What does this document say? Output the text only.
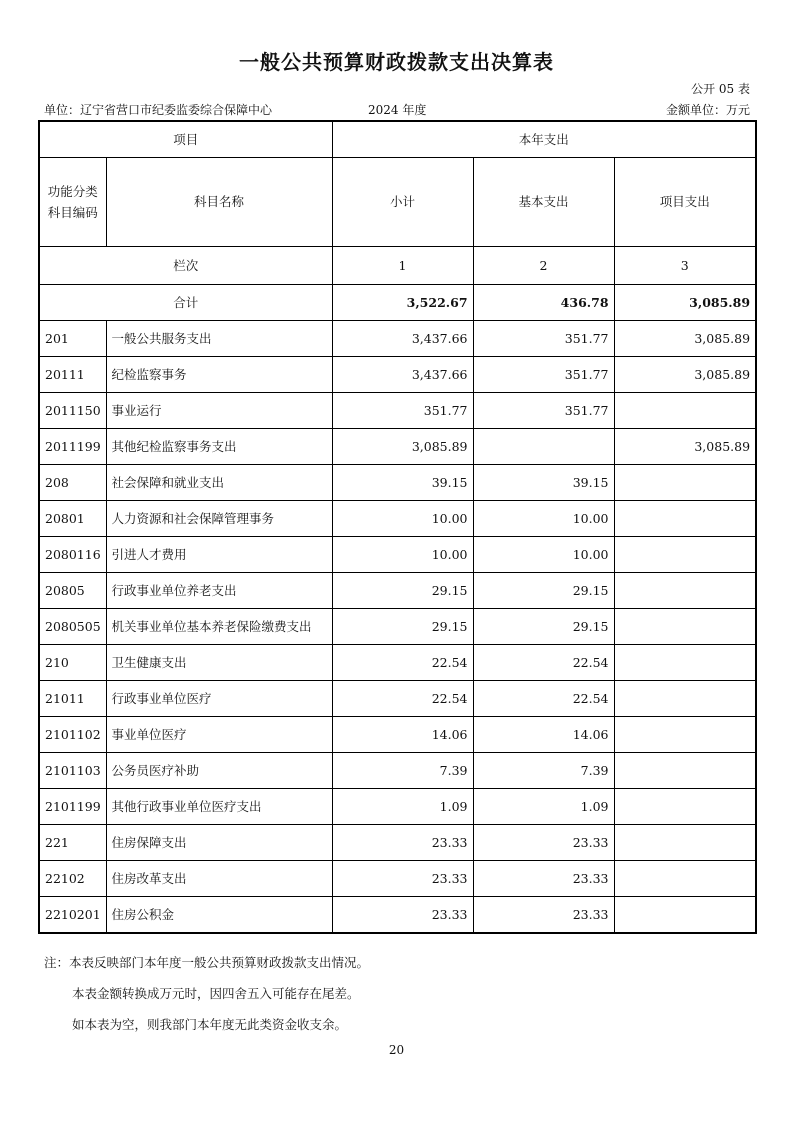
一般公共预算财政拨款支出决算表
公开 05 表
单位：辽宁省营口市纪委监委综合保障中心	2024 年度	金额单位：万元
项目		本年支出		
功能分类科目编码	科目名称	小计	基本支出	项目支出
栏次		1	2	3
合计		3,522.67	436.78	3,085.89
201	一般公共服务支出	3,437.66	351.77	3,085.89
20111	纪检监察事务	3,437.66	351.77	3,085.89
2011150	事业运行	351.77	351.77	
2011199	其他纪检监察事务支出	3,085.89		3,085.89
208	社会保障和就业支出	39.15	39.15	
20801	人力资源和社会保障管理事务	10.00	10.00	
2080116	引进人才费用	10.00	10.00	
20805	行政事业单位养老支出	29.15	29.15	
2080505	机关事业单位基本养老保险缴费支出	29.15	29.15	
210	卫生健康支出	22.54	22.54	
21011	行政事业单位医疗	22.54	22.54	
2101102	事业单位医疗	14.06	14.06	
2101103	公务员医疗补助	7.39	7.39	
2101199	其他行政事业单位医疗支出	1.09	1.09	
221	住房保障支出	23.33	23.33	
22102	住房改革支出	23.33	23.33	
2210201	住房公积金	23.33	23.33	
注：本表反映部门本年度一般公共预算财政拨款支出情况。
本表金额转换成万元时，因四舍五入可能存在尾差。
如本表为空，则我部门本年度无此类资金收支余。
20
